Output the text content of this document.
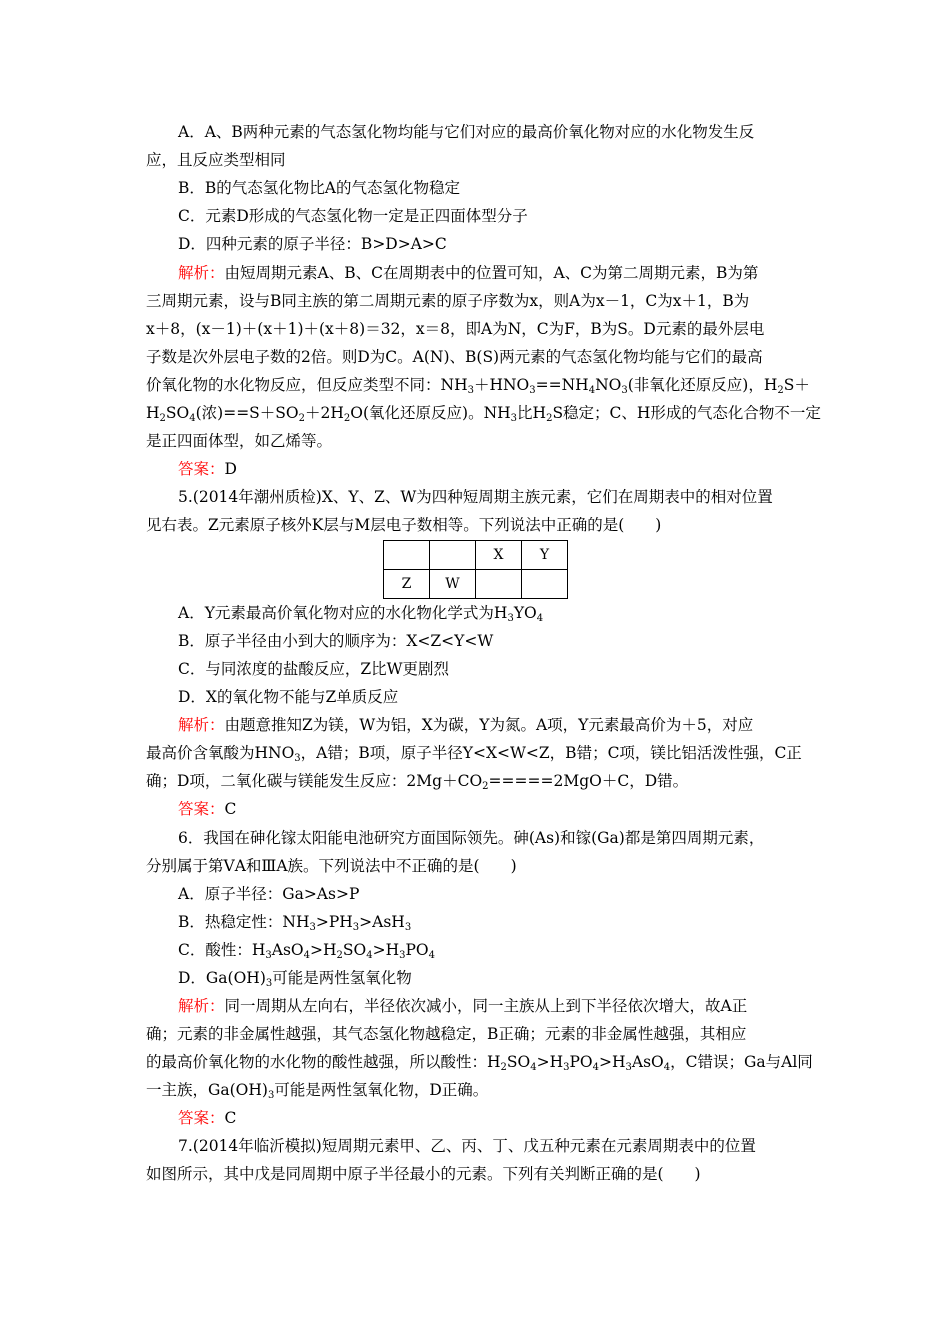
A．A、B两种元素的气态氢化物均能与它们对应的最高价氧化物对应的水化物发生反
应，且反应类型相同
B．B的气态氢化物比A的气态氢化物稳定
C．元素D形成的气态氢化物一定是正四面体型分子
D．四种元素的原子半径：B>D>A>C
解析：由短周期元素A、B、C在周期表中的位置可知，A、C为第二周期元素，B为第
三周期元素，设与B同主族的第二周期元素的原子序数为x，则A为x－1，C为x＋1，B为
x＋8，(x－1)＋(x＋1)＋(x＋8)＝32，x＝8，即A为N，C为F，B为S。D元素的最外层电
子数是次外层电子数的2倍。则D为C。A(N)、B(S)两元素的气态氢化物均能与它们的最高
价氧化物的水化物反应，但反应类型不同：$NH_3+HNO_3==NH_4NO_3$(非氧化还原反应)，$H_2S+$
$H_2SO_4$(浓)$==S+SO_2+2H_2O$(氧化还原反应)。$NH_3$比$H_2S$稳定；C、H形成的气态化合物不一定
是正四面体型，如乙烯等。
答案：D
5.(2014年潮州质检)X、Y、Z、W为四种短周期主族元素，它们在周期表中的相对位置
见右表。Z元素原子核外K层与M层电子数相等。下列说法中正确的是(　　)
		X	Y
Z	W		
A．Y元素最高价氧化物对应的水化物化学式为$H_3YO_4$
B．原子半径由小到大的顺序为：X<Z<Y<W
C．与同浓度的盐酸反应，Z比W更剧烈
D．X的氧化物不能与Z单质反应
解析：由题意推知Z为镁，W为铝，X为碳，Y为氮。A项，Y元素最高价为＋5，对应
最高价含氧酸为$HNO_3$，A错；B项，原子半径Y<X<W<Z，B错；C项，镁比铝活泼性强，C正
确；D项，二氧化碳与镁能发生反应：$2Mg+CO_2=====2MgO+C$，D错。
答案：C
6．我国在砷化镓太阳能电池研究方面国际领先。砷(As)和镓(Ga)都是第四周期元素，
分别属于第ⅤA和ⅢA族。下列说法中不正确的是(　　)
A．原子半径：Ga>As>P
B．热稳定性：$NH_3>PH_3>AsH_3$
C．酸性：$H_3AsO_4>H_2SO_4>H_3PO_4$
D．$Ga(OH)_3$可能是两性氢氧化物
解析：同一周期从左向右，半径依次减小，同一主族从上到下半径依次增大，故A正
确；元素的非金属性越强，其气态氢化物越稳定，B正确；元素的非金属性越强，其相应
的最高价氧化物的水化物的酸性越强，所以酸性：$H_2SO_4>H_3PO_4>H_3AsO_4$，C错误；Ga与Al同
一主族，$Ga(OH)_3$可能是两性氢氧化物，D正确。
答案：C
7.(2014年临沂模拟)短周期元素甲、乙、丙、丁、戊五种元素在元素周期表中的位置
如图所示，其中戊是同周期中原子半径最小的元素。下列有关判断正确的是(　　)
